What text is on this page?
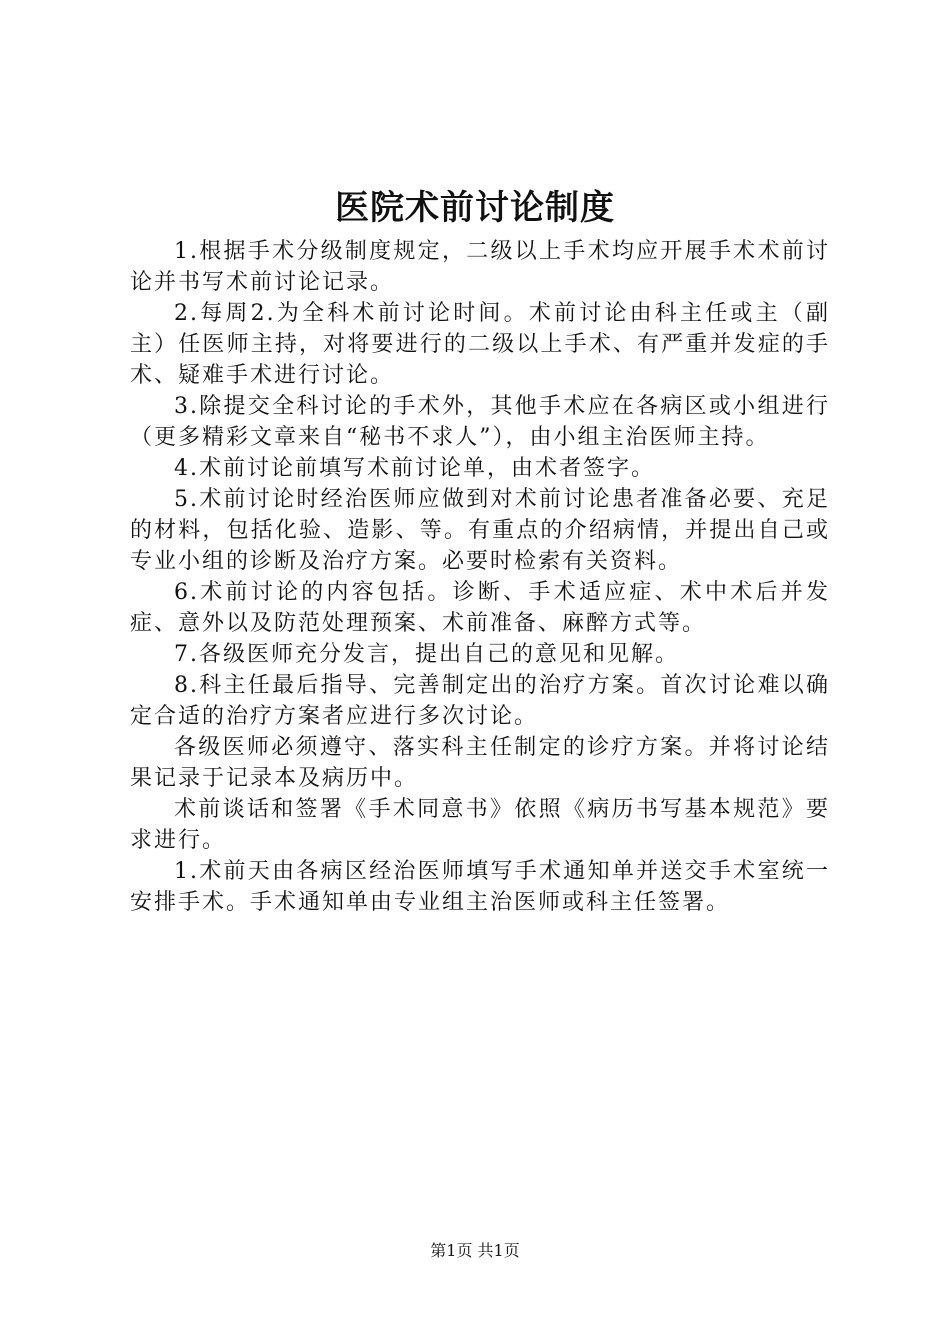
医院术前讨论制度

1.根据手术分级制度规定，二级以上手术均应开展手术术前讨论并书写术前讨论记录。

2.每周2.为全科术前讨论时间。术前讨论由科主任或主（副主）任医师主持，对将要进行的二级以上手术、有严重并发症的手术、疑难手术进行讨论。

3.除提交全科讨论的手术外，其他手术应在各病区或小组进行（更多精彩文章来自“秘书不求人”），由小组主治医师主持。

4.术前讨论前填写术前讨论单，由术者签字。

5.术前讨论时经治医师应做到对术前讨论患者准备必要、充足的材料，包括化验、造影、等。有重点的介绍病情，并提出自己或专业小组的诊断及治疗方案。必要时检索有关资料。

6.术前讨论的内容包括。诊断、手术适应症、术中术后并发症、意外以及防范处理预案、术前准备、麻醉方式等。

7.各级医师充分发言，提出自己的意见和见解。

8.科主任最后指导、完善制定出的治疗方案。首次讨论难以确定合适的治疗方案者应进行多次讨论。

各级医师必须遵守、落实科主任制定的诊疗方案。并将讨论结果记录于记录本及病历中。

术前谈话和签署《手术同意书》依照《病历书写基本规范》要求进行。

1.术前天由各病区经治医师填写手术通知单并送交手术室统一安排手术。手术通知单由专业组主治医师或科主任签署。

第1页 共1页
